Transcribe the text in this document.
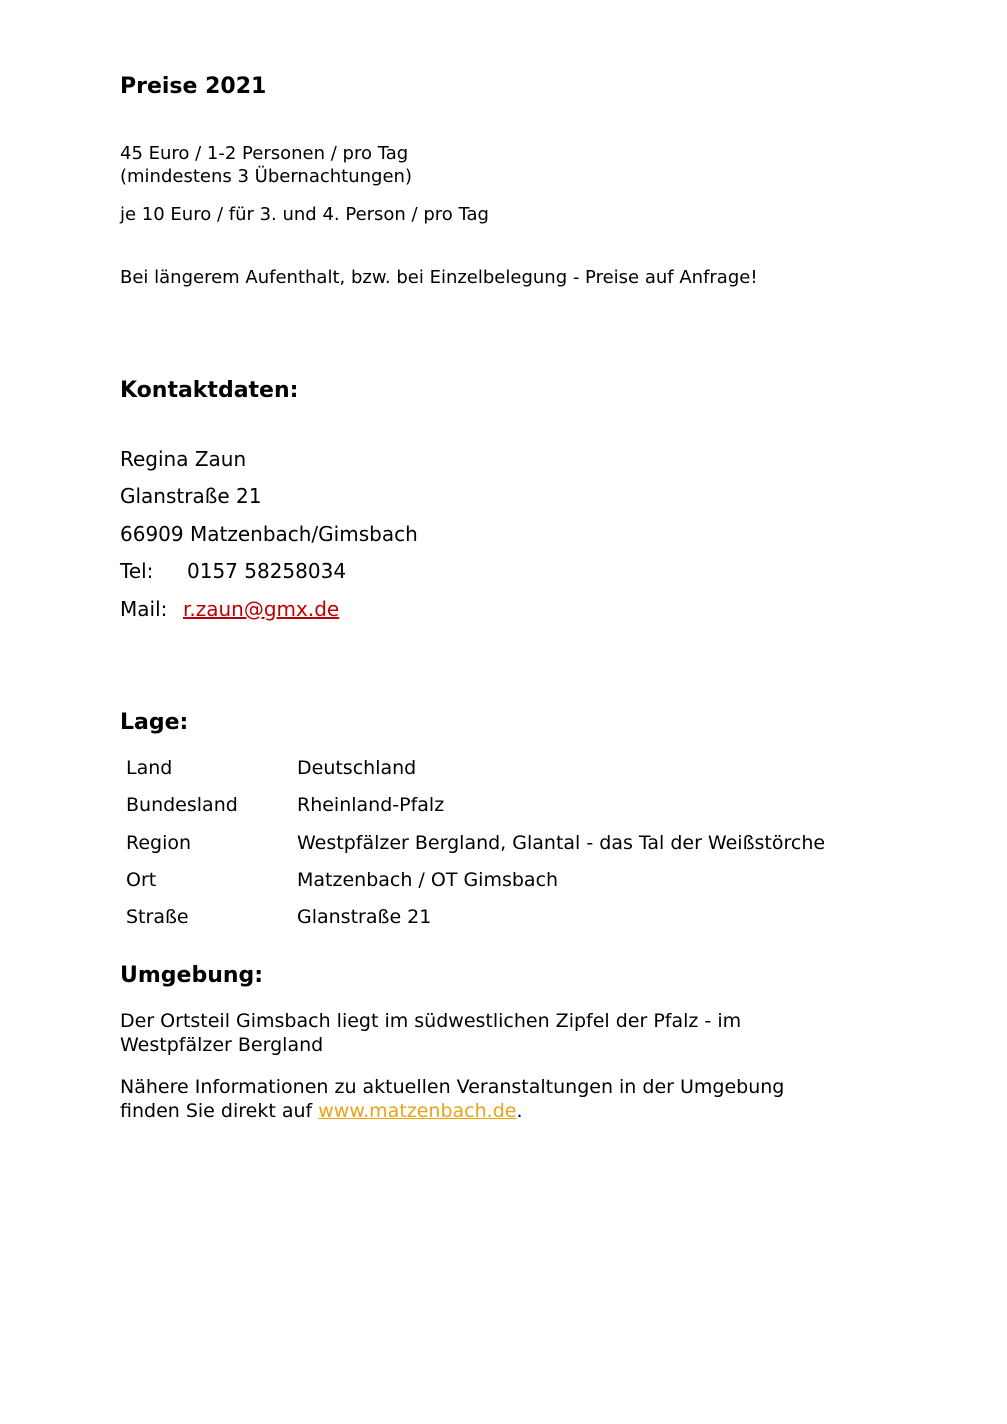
Preise 2021
45 Euro / 1-2 Personen / pro Tag
(mindestens 3 Übernachtungen)
je 10 Euro / für 3. und 4. Person / pro Tag
Bei längerem Aufenthalt, bzw. bei Einzelbelegung - Preise auf Anfrage!
Kontaktdaten:
Regina Zaun
Glanstraße 21
66909 Matzenbach/Gimsbach
Tel: 0157 58258034
Mail: r.zaun@gmx.de
Lage:
Land	Deutschland
Bundesland	Rheinland-Pfalz
Region	Westpfälzer Bergland, Glantal - das Tal der Weißstörche
Ort	Matzenbach / OT Gimsbach
Straße	Glanstraße 21
Umgebung:
Der Ortsteil Gimsbach liegt im südwestlichen Zipfel der Pfalz - im
Westpfälzer Bergland
Nähere Informationen zu aktuellen Veranstaltungen in der Umgebung
finden Sie direkt auf www.matzenbach.de.
